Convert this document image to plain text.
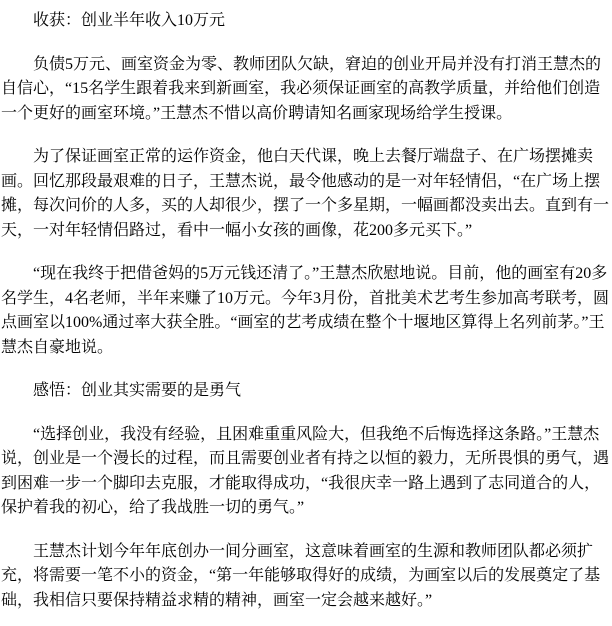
收获：创业半年收入10万元

负债5万元、画室资金为零、教师团队欠缺，窘迫的创业开局并没有打消王慧杰的自信心，“15名学生跟着我来到新画室，我必须保证画室的高教学质量，并给他们创造一个更好的画室环境。”王慧杰不惜以高价聘请知名画家现场给学生授课。

为了保证画室正常的运作资金，他白天代课，晚上去餐厅端盘子、在广场摆摊卖画。回忆那段最艰难的日子，王慧杰说，最令他感动的是一对年轻情侣，“在广场上摆摊，每次问价的人多，买的人却很少，摆了一个多星期，一幅画都没卖出去。直到有一天，一对年轻情侣路过，看中一幅小女孩的画像，花200多元买下。”

“现在我终于把借爸妈的5万元钱还清了。”王慧杰欣慰地说。目前，他的画室有20多名学生，4名老师，半年来赚了10万元。今年3月份，首批美术艺考生参加高考联考，圆点画室以100%通过率大获全胜。“画室的艺考成绩在整个十堰地区算得上名列前茅。”王慧杰自豪地说。

感悟：创业其实需要的是勇气

“选择创业，我没有经验，且困难重重风险大，但我绝不后悔选择这条路。”王慧杰说，创业是一个漫长的过程，而且需要创业者有持之以恒的毅力，无所畏惧的勇气，遇到困难一步一个脚印去克服，才能取得成功，“我很庆幸一路上遇到了志同道合的人，保护着我的初心，给了我战胜一切的勇气。”

王慧杰计划今年年底创办一间分画室，这意味着画室的生源和教师团队都必须扩充，将需要一笔不小的资金，“第一年能够取得好的成绩，为画室以后的发展奠定了基础，我相信只要保持精益求精的精神，画室一定会越来越好。”
